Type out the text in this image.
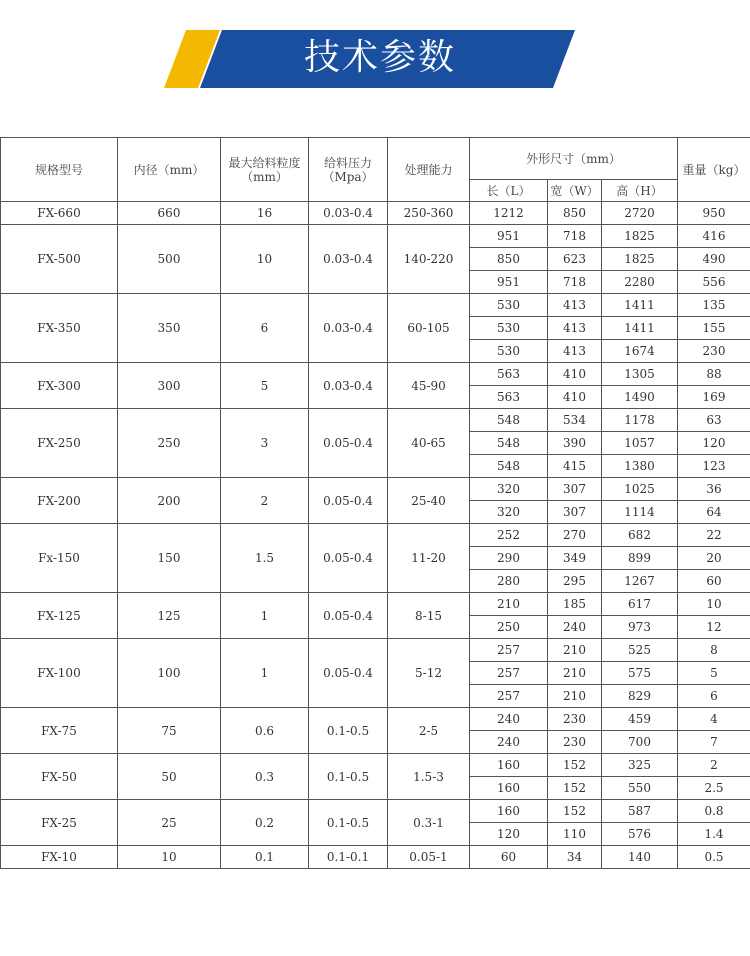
技术参数
规格型号	内径（mm）	最大给料粒度（mm）	给料压力（Mpa）	处理能力	外形尺寸（mm）			重量（kg）
					长（L）	宽（W）	高（H）	
FX-660	660	16	0.03-0.4	250-360	1212	850	2720	950
FX-500	500	10	0.03-0.4	140-220	951	718	1825	416
					850	623	1825	490
					951	718	2280	556
FX-350	350	6	0.03-0.4	60-105	530	413	1411	135
					530	413	1411	155
					530	413	1674	230
FX-300	300	5	0.03-0.4	45-90	563	410	1305	88
					563	410	1490	169
FX-250	250	3	0.05-0.4	40-65	548	534	1178	63
					548	390	1057	120
					548	415	1380	123
FX-200	200	2	0.05-0.4	25-40	320	307	1025	36
					320	307	1114	64
Fx-150	150	1.5	0.05-0.4	11-20	252	270	682	22
					290	349	899	20
					280	295	1267	60
FX-125	125	1	0.05-0.4	8-15	210	185	617	10
					250	240	973	12
FX-100	100	1	0.05-0.4	5-12	257	210	525	8
					257	210	575	5
					257	210	829	6
FX-75	75	0.6	0.1-0.5	2-5	240	230	459	4
					240	230	700	7
FX-50	50	0.3	0.1-0.5	1.5-3	160	152	325	2
					160	152	550	2.5
FX-25	25	0.2	0.1-0.5	0.3-1	160	152	587	0.8
					120	110	576	1.4
FX-10	10	0.1	0.1-0.1	0.05-1	60	34	140	0.5
